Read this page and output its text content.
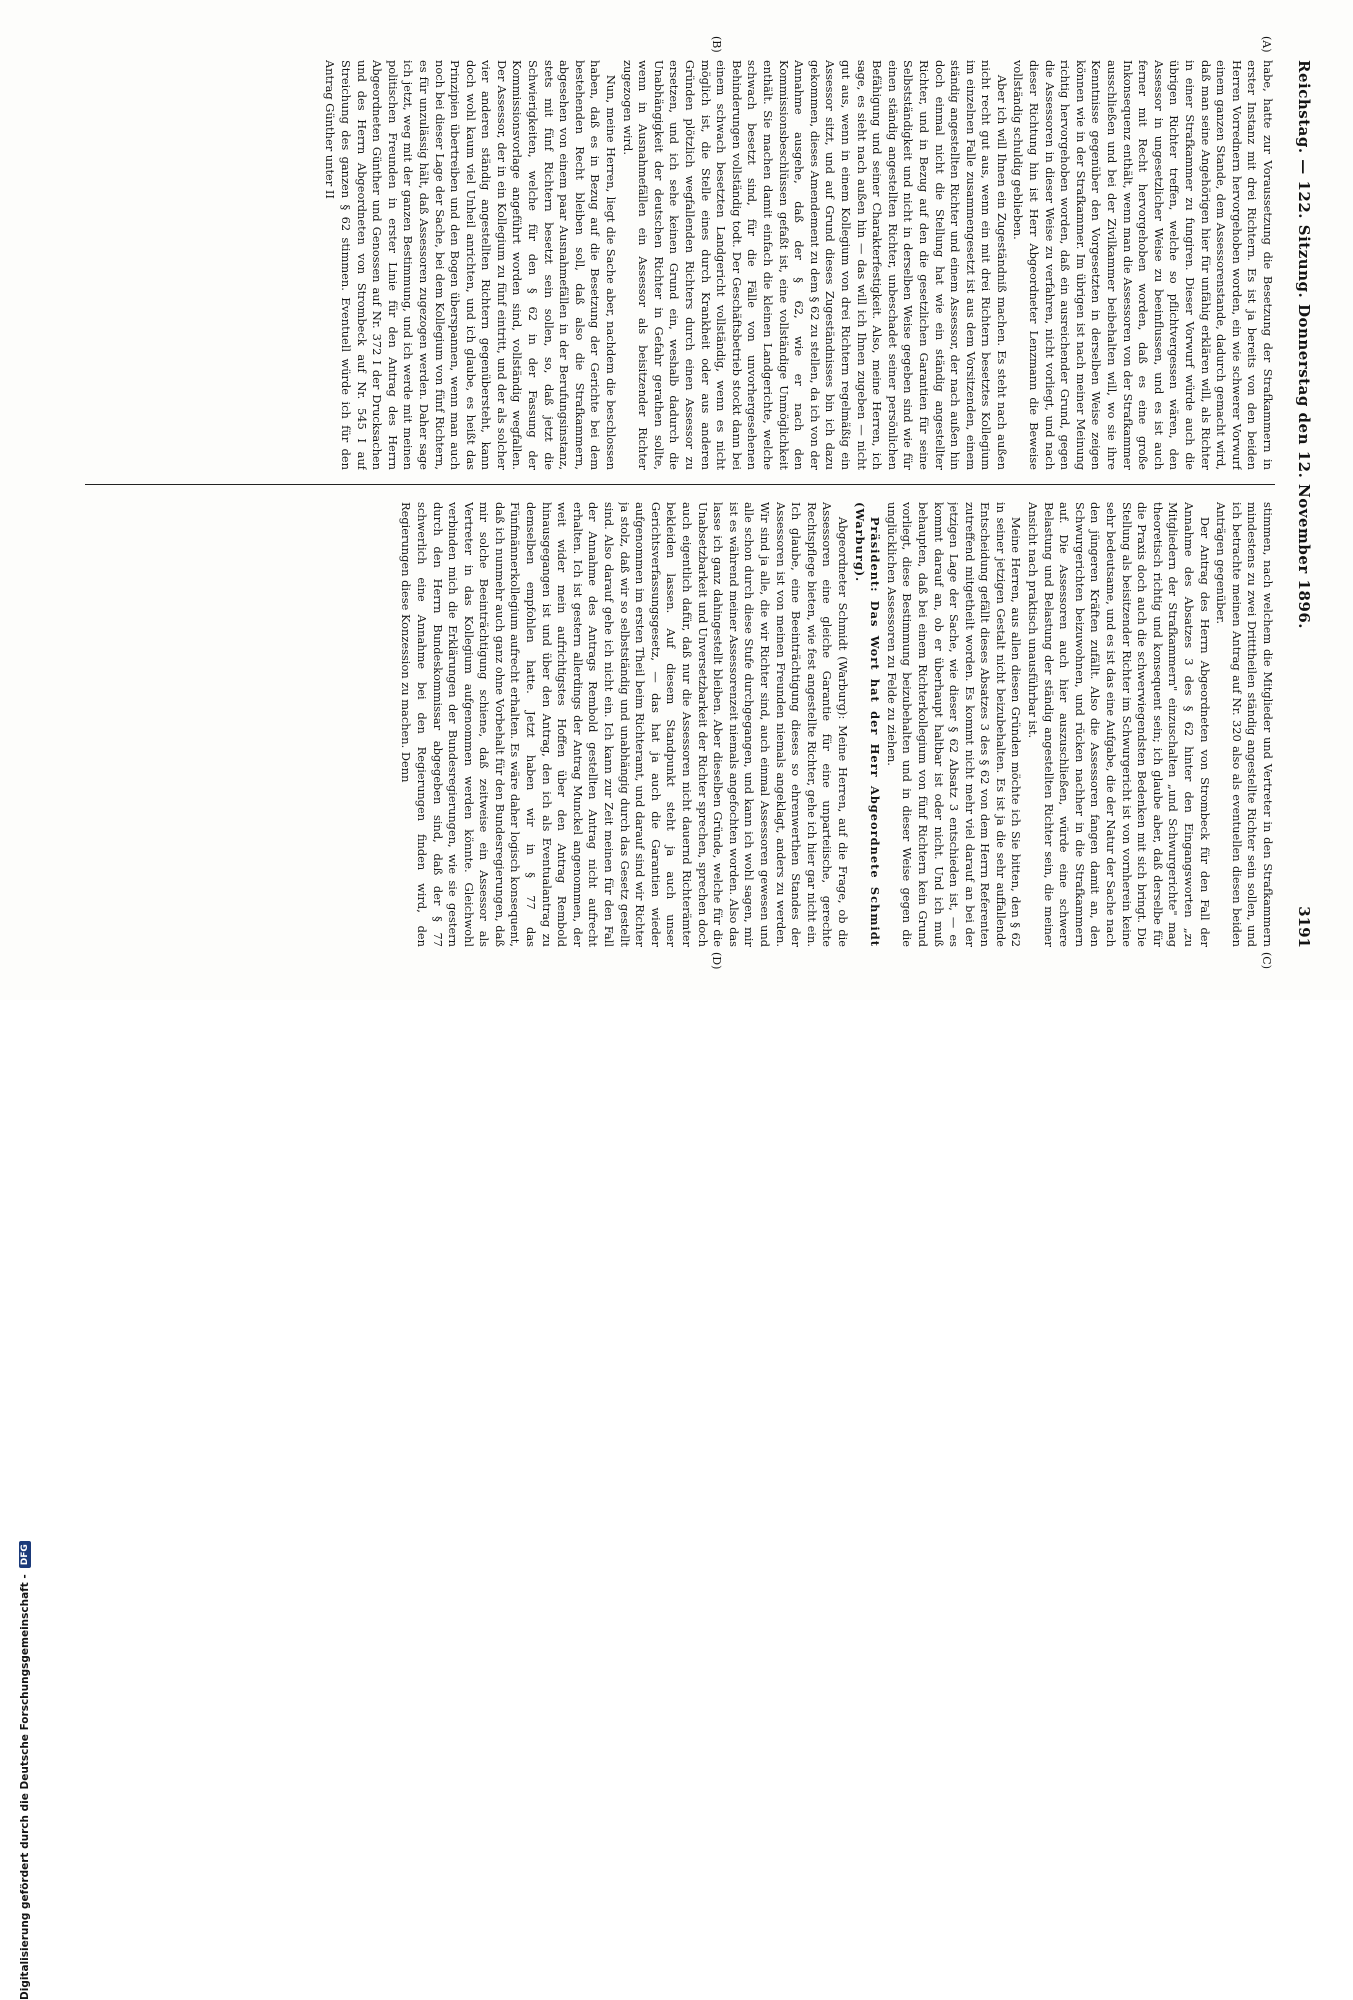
Reichstag. — 122. Sitzung. Donnerstag den 12. November 1896.
3191
(A)
(B)
(C)
(D)

habe, hatte zur Voraussetzung die Besetzung der Strafkammern in erster Instanz mit drei Richtern. Es ist ja bereits von den beiden Herren Vorrednern hervorgehoben worden, ein wie schwerer Vorwurf einem ganzen Stande, dem Assessorenstande, dadurch gemacht wird, daß man seine Angehörigen hier für unfähig erklären will, als Richter in einer Strafkammer zu fungiren. Dieser Vorwurf würde auch die übrigen Richter treffen, welche so pflichtvergessen wären, den Assessor in ungesetzlicher Weise zu beeinflussen, und es ist auch ferner mit Recht hervorgehoben worden, daß es eine große Inkonsequenz enthält, wenn man die Assessoren von der Strafkammer ausschließen und bei der Zivilkammer beibehalten will, wo sie ihre Kenntnisse gegenüber den Vorgesetzten in derselben Weise zeigen können wie in der Strafkammer. Im übrigen ist nach meiner Meinung richtig hervorgehoben worden, daß ein ausreichender Grund, gegen die Assessoren in dieser Weise zu verfahren, nicht vorliegt, und nach dieser Richtung hin ist Herr Abgeordneter Lenzmann die Beweise vollständig schuldig geblieben.

Aber ich will Ihnen ein Zugeständniß machen. Es steht nach außen nicht recht gut aus, wenn ein mit drei Richtern besetztes Kollegium im einzelnen Falle zusammengesetzt ist aus dem Vorsitzenden, einem ständig angestellten Richter und einem Assessor, der nach außen hin doch einmal nicht die Stellung hat wie ein ständig angestellter Richter, und in Bezug auf den die gesetzlichen Garantien für seine Selbstständigkeit und nicht in derselben Weise gegeben sind wie für einen ständig angestellten Richter, unbeschadet seiner persönlichen Befähigung und seiner Charakterfestigkeit. Also, meine Herren, ich sage, es sieht nach außen hin — das will ich Ihnen zugeben — nicht gut aus, wenn in einem Kollegium von drei Richtern regelmäßig ein Assessor sitzt, und auf Grund dieses Zugeständnisses bin ich dazu gekommen, dieses Amendement zu dem § 62 zu stellen, da ich von der Annahme ausgehe, daß der § 62, wie er nach den Kommissionsbeschlüssen gefaßt ist, eine vollständige Unmöglichkeit enthält. Sie machen damit einfach die kleinen Landgerichte, welche schwach besetzt sind, für die Fälle von unvorhergesehenen Behinderungen vollständig todt. Der Geschäftsbetrieb stockt dann bei einem schwach besetzten Landgericht vollständig, wenn es nicht möglich ist, die Stelle eines durch Krankheit oder aus anderen Gründen plötzlich wegfallenden Richters durch einen Assessor zu ersetzen, und ich sehe keinen Grund ein, weshalb dadurch die Unabhängigkeit der deutschen Richter in Gefahr gerathen sollte, wenn in Ausnahmefällen ein Assessor als beisitzender Richter zugezogen wird.

Nun, meine Herren, liegt die Sache aber, nachdem die beschlossen haben, daß es in Bezug auf die Besetzung der Gerichte bei dem bestehenden Recht bleiben soll, daß also die Strafkammern, abgesehen von einem paar Ausnahmefällen in der Berufungsinstanz, stets mit fünf Richtern besetzt sein sollen, so, daß jetzt die Schwierigkeiten, welche für den § 62 in der Fassung der Kommissionsvorlage angeführt worden sind, vollständig wegfallen. Der Assessor, der in ein Kollegium zu fünf eintritt, und der als solcher vier anderen ständig angestellten Richtern gegenübersteht, kann doch wohl kaum viel Unheil anrichten, und ich glaube, es heißt das Prinzipien übertreiben und den Bogen überspannen, wenn man auch noch bei dieser Lage der Sache, bei dem Kollegium von fünf Richtern, es für unzulässig hält, daß Assessoren zugezogen werden. Daher sage ich jetzt, weg mit der ganzen Bestimmung, und ich werde mit meinen politischen Freunden in erster Linie für den Antrag des Herrn Abgeordneten Günther und Genossen auf Nr. 372 I der Drucksachen und des Herrn Abgeordneten von Strombeck auf Nr. 545 I auf Streichung des ganzen § 62 stimmen. Eventuell würde ich für den Antrag Günther unter II

stimmen, nach welchem die Mitglieder und Vertreter in den Strafkammern mindestens zu zwei Dritttheilen ständig angestellte Richter sein sollen, und ich betrachte meinen Antrag auf Nr. 320 also als eventuellen diesen beiden Anträgen gegenüber.

Der Antrag des Herrn Abgeordneten von Strombeck für den Fall der Annahme des Absatzes 3 des § 62 hinter den Eingangsworten „zu Mitgliedern der Strafkammern" einzuschalten „und Schwurgerichte" mag theoretisch richtig und konsequent sein; ich glaube aber, daß derselbe für die Praxis doch auch die schwerwiegendsten Bedenken mit sich bringt. Die Stellung als beisitzender Richter im Schwurgericht ist von vornherein keine sehr bedeutsame, und es ist das eine Aufgabe, die der Natur der Sache nach den jüngeren Kräften zufällt. Also die Assessoren fangen damit an, den Schwurgerichten beizuwohnen, und rücken nachher in die Strafkammern auf. Die Assessoren auch hier auszuschließen, würde eine schwere Belastung und Belastung der ständig angestellten Richter sein, die meiner Ansicht nach praktisch unausführbar ist.

Meine Herren, aus allen diesen Gründen möchte ich Sie bitten, den § 62 in seiner jetzigen Gestalt nicht beizubehalten. Es ist ja die sehr auffallende Entscheidung gefällt dieses Absatzes 3 des § 62 von dem Herrn Referenten zutreffend mitgetheilt worden. Es kommt nicht mehr viel darauf an bei der jetzigen Lage der Sache, wie dieser § 62 Absatz 3 entschieden ist, — es kommt darauf an, ob er überhaupt haltbar ist oder nicht. Und ich muß behaupten, daß bei einem Richterkollegium von fünf Richtern kein Grund vorliegt, diese Bestimmung beizubehalten und in dieser Weise gegen die unglücklichen Assessoren zu Felde zu ziehen.

Präsident: Das Wort hat der Herr Abgeordnete Schmidt (Warburg).

Abgeordneter Schmidt (Warburg): Meine Herren, auf die Frage, ob die Assessoren eine gleiche Garantie für eine unparteiische, gerechte Rechtspflege bieten, wie fest angestellte Richter, gehe ich hier gar nicht ein. Ich glaube, eine Beeinträchtigung dieses so ehrenwerthen Standes der Assessoren ist von meinen Freunden niemals angeklagt, anders zu werden. Wir sind ja alle, die wir Richter sind, auch einmal Assessoren gewesen und alle schon durch diese Stufe durchgegangen, und kann ich wohl sagen, mir ist es während meiner Assessorenzeit niemals angefochten worden. Also das lasse ich ganz dahingestellt bleiben. Aber dieselben Gründe, welche für die Unabsetzbarkeit und Unversetzbarkeit der Richter sprechen, sprechen doch auch eigentlich dafür, daß nur die Assessoren nicht dauernd Richterämter bekleiden lassen. Auf diesem Standpunkt steht ja auch unser Gerichtsverfassungsgesetz, — das hat ja auch die Garantien wieder aufgenommen im ersten Theil beim Richteramt, und darauf sind wir Richter ja stolz, daß wir so selbstständig und unabhängig durch das Gesetz gestellt sind. Also darauf gehe ich nicht ein. Ich kann zur Zeit meinen für den Fall der Annahme des Antrags Rembold gestellten Antrag nicht aufrecht erhalten. Ich ist gestern allerdings der Antrag Munckel angenommen, der weit wider mein aufrichtigstes Hoffen über den Antrag Rembold hinausgegangen ist und über den Antrag, den ich als Eventualantrag zu demselben empfohlen hatte. Jetzt haben wir in § 77 das Fünfmännerkollegium aufrecht erhalten. Es wäre daher logisch konsequent, daß ich nunmehr auch ganz ohne Vorbehalt für den Bundesregierungen, daß mir solche Beeinträchtigung schiene, daß zeitweise ein Assessor als Vertreter in das Kollegium aufgenommen werden könnte. Gleichwohl verbinden mich die Erklärungen der Bundesregierungen, wie sie gestern durch den Herrn Bundeskommissar abgegeben sind, daß der § 77 schwerlich eine Annahme bei den Regierungen finden wird, den Regierungen diese Konzession zu machen. Denn

Digitalisierung gefördert durch die Deutsche Forschungsgemeinschaft -
DFG
